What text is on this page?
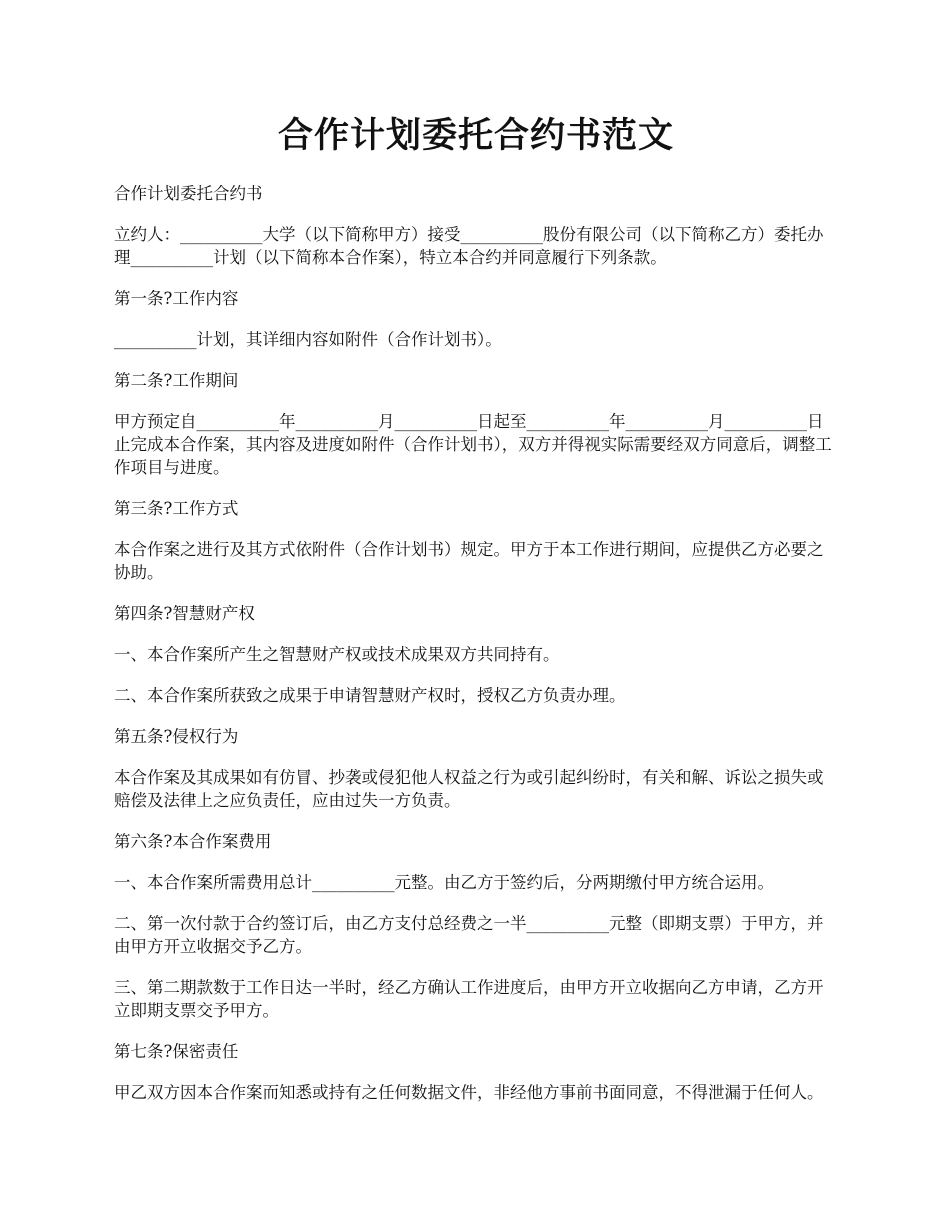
合作计划委托合约书范文

合作计划委托合约书

立约人：__________大学（以下简称甲方）接受__________股份有限公司（以下简称乙方）委托办理__________计划（以下简称本合作案），特立本合约并同意履行下列条款。

第一条?工作内容

__________计划，其详细内容如附件（合作计划书）。

第二条?工作期间

甲方预定自__________年__________月__________日起至__________年__________月__________日止完成本合作案，其内容及进度如附件（合作计划书），双方并得视实际需要经双方同意后，调整工作项目与进度。

第三条?工作方式

本合作案之进行及其方式依附件（合作计划书）规定。甲方于本工作进行期间，应提供乙方必要之协助。

第四条?智慧财产权

一、本合作案所产生之智慧财产权或技术成果双方共同持有。

二、本合作案所获致之成果于申请智慧财产权时，授权乙方负责办理。

第五条?侵权行为

本合作案及其成果如有仿冒、抄袭或侵犯他人权益之行为或引起纠纷时，有关和解、诉讼之损失或赔偿及法律上之应负责任，应由过失一方负责。

第六条?本合作案费用

一、本合作案所需费用总计__________元整。由乙方于签约后，分两期缴付甲方统合运用。

二、第一次付款于合约签订后，由乙方支付总经费之一半__________元整（即期支票）于甲方，并由甲方开立收据交予乙方。

三、第二期款数于工作日达一半时，经乙方确认工作进度后，由甲方开立收据向乙方申请，乙方开立即期支票交予甲方。

第七条?保密责任

甲乙双方因本合作案而知悉或持有之任何数据文件，非经他方事前书面同意，不得泄漏于任何人。
